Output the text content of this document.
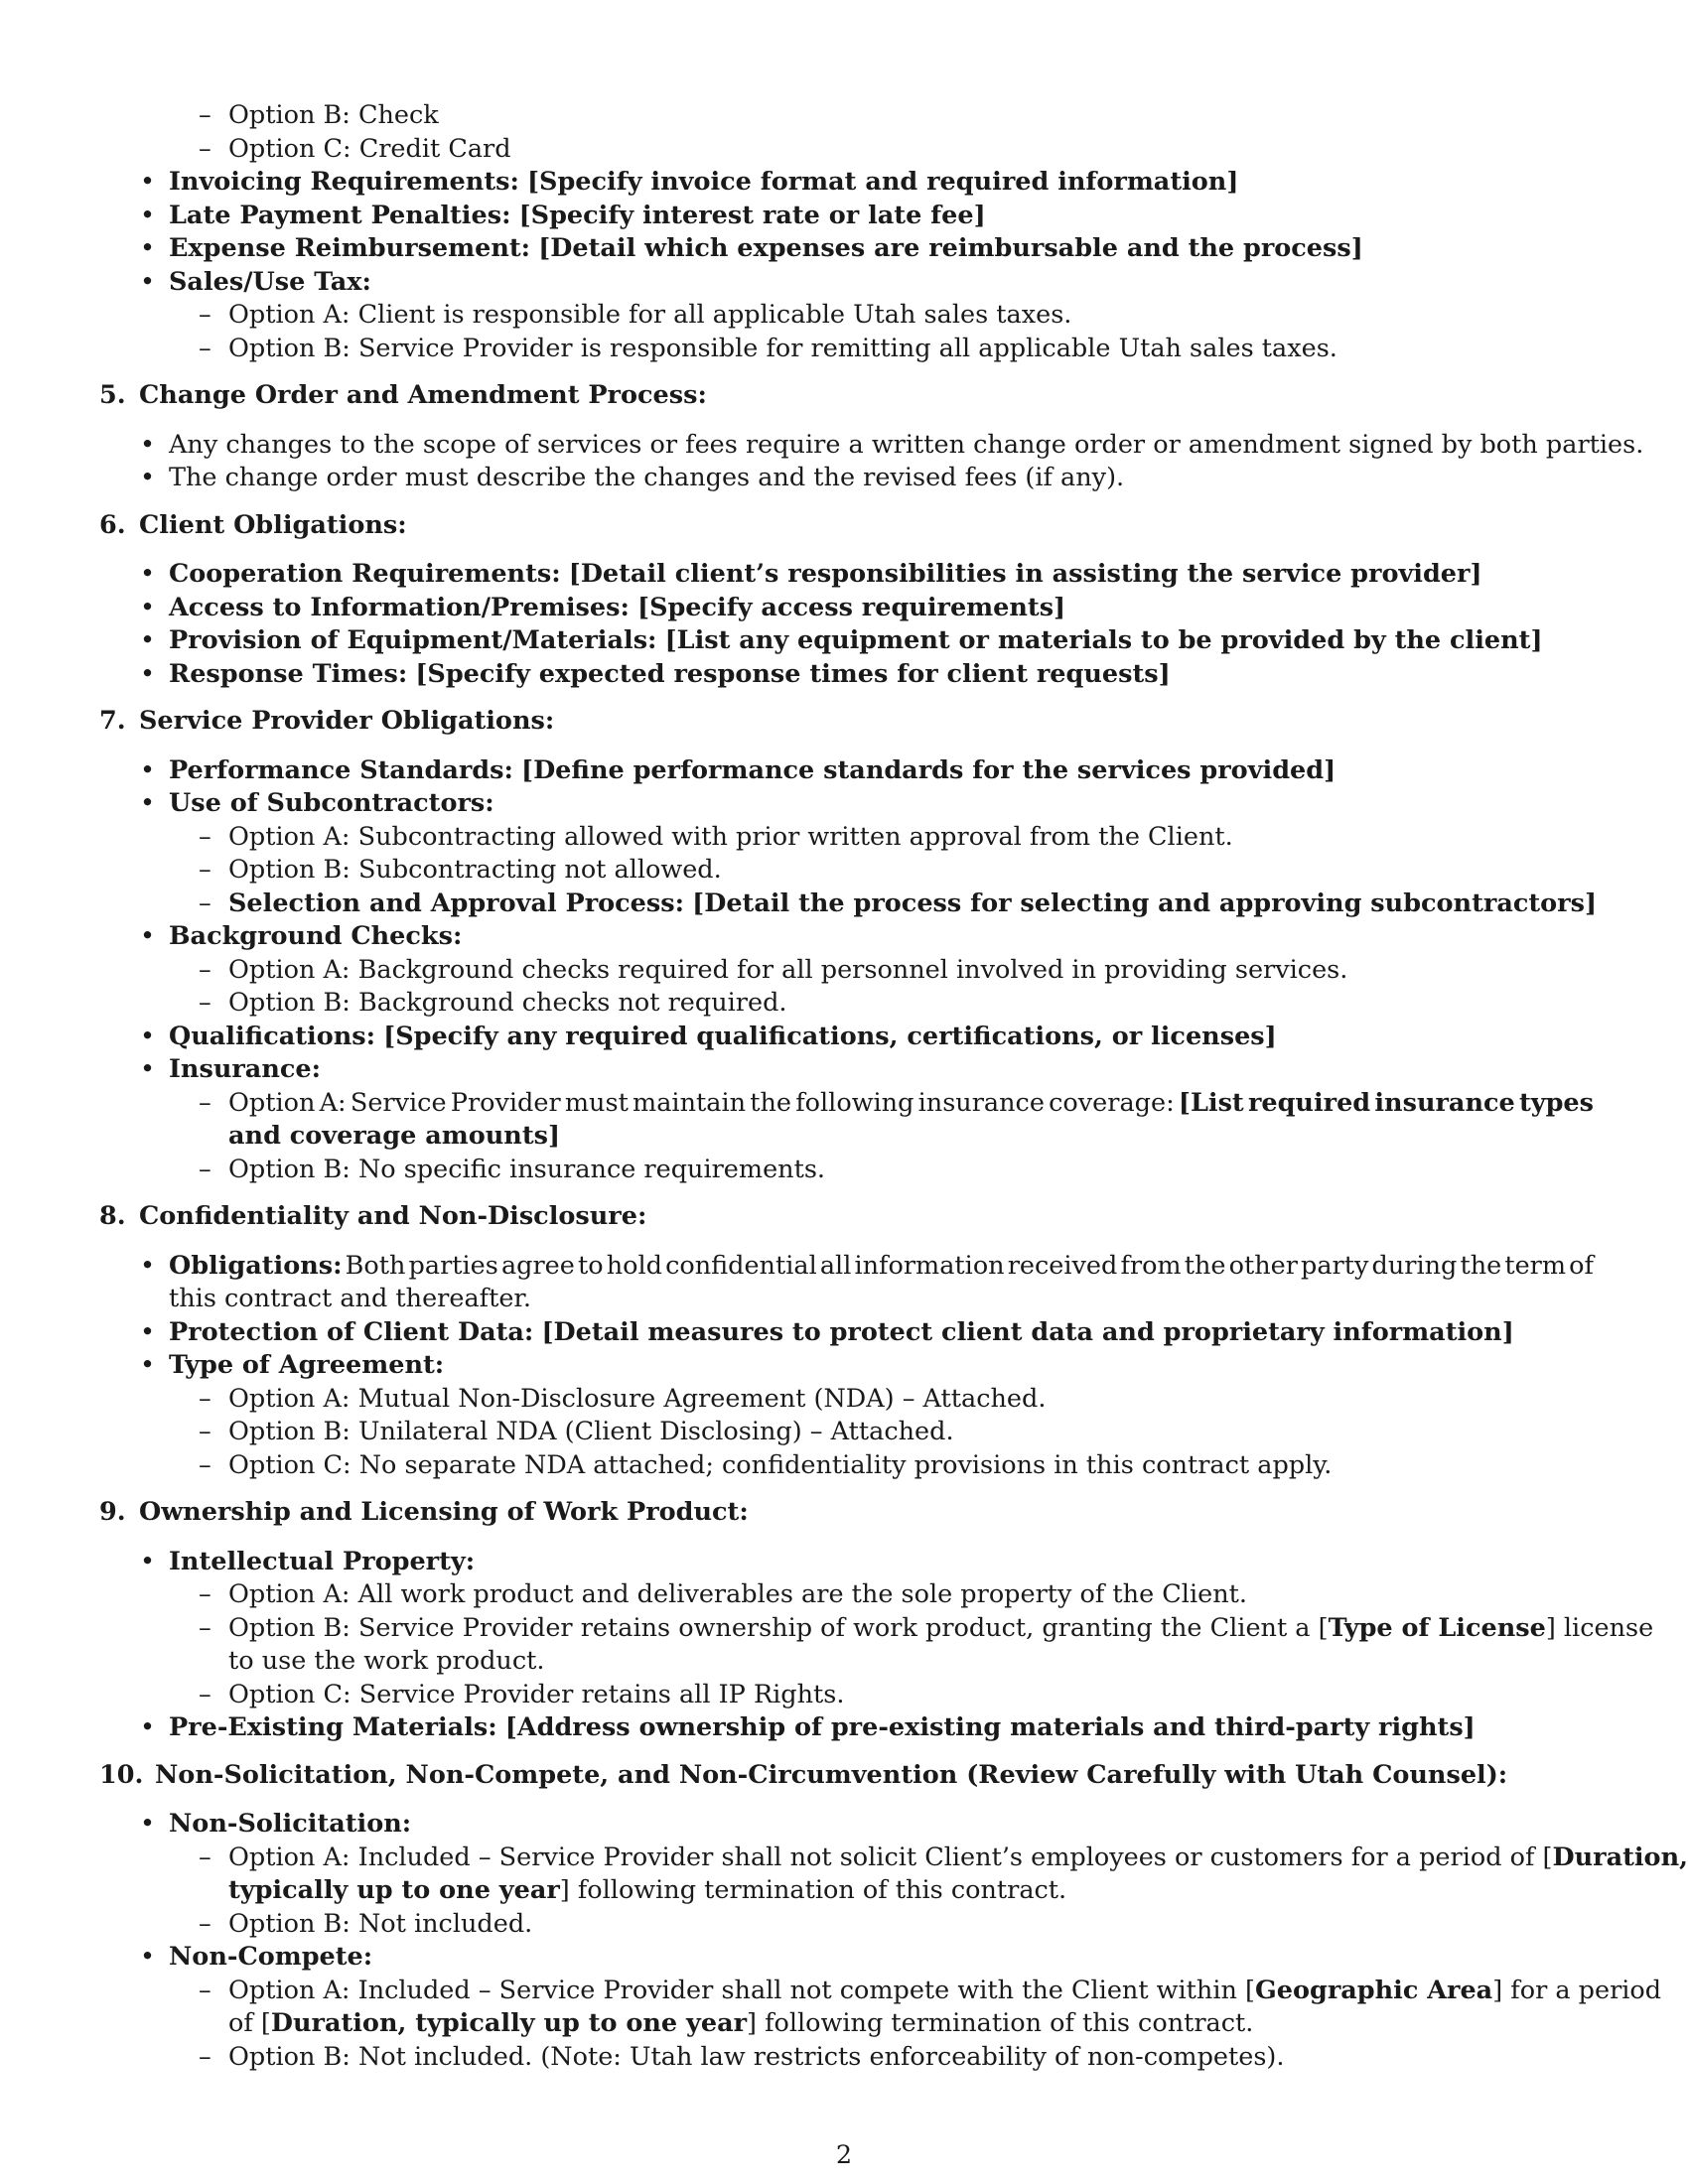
– Option B: Check
– Option C: Credit Card
• Invoicing Requirements: [Specify invoice format and required information]
• Late Payment Penalties: [Specify interest rate or late fee]
• Expense Reimbursement: [Detail which expenses are reimbursable and the process]
• Sales/Use Tax:
– Option A: Client is responsible for all applicable Utah sales taxes.
– Option B: Service Provider is responsible for remitting all applicable Utah sales taxes.
5. Change Order and Amendment Process:
• Any changes to the scope of services or fees require a written change order or amendment signed by both parties.
• The change order must describe the changes and the revised fees (if any).
6. Client Obligations:
• Cooperation Requirements: [Detail client’s responsibilities in assisting the service provider]
• Access to Information/Premises: [Specify access requirements]
• Provision of Equipment/Materials: [List any equipment or materials to be provided by the client]
• Response Times: [Specify expected response times for client requests]
7. Service Provider Obligations:
• Performance Standards: [Define performance standards for the services provided]
• Use of Subcontractors:
– Option A: Subcontracting allowed with prior written approval from the Client.
– Option B: Subcontracting not allowed.
– Selection and Approval Process: [Detail the process for selecting and approving subcontractors]
• Background Checks:
– Option A: Background checks required for all personnel involved in providing services.
– Option B: Background checks not required.
• Qualifications: [Specify any required qualifications, certifications, or licenses]
• Insurance:
– Option A: Service Provider must maintain the following insurance coverage: [List required insurance types
and coverage amounts]
– Option B: No specific insurance requirements.
8. Confidentiality and Non-Disclosure:
• Obligations: Both parties agree to hold confidential all information received from the other party during the term of
this contract and thereafter.
• Protection of Client Data: [Detail measures to protect client data and proprietary information]
• Type of Agreement:
– Option A: Mutual Non-Disclosure Agreement (NDA) – Attached.
– Option B: Unilateral NDA (Client Disclosing) – Attached.
– Option C: No separate NDA attached; confidentiality provisions in this contract apply.
9. Ownership and Licensing of Work Product:
• Intellectual Property:
– Option A: All work product and deliverables are the sole property of the Client.
– Option B: Service Provider retains ownership of work product, granting the Client a [Type of License] license
to use the work product.
– Option C: Service Provider retains all IP Rights.
• Pre-Existing Materials: [Address ownership of pre-existing materials and third-party rights]
10. Non-Solicitation, Non-Compete, and Non-Circumvention (Review Carefully with Utah Counsel):
• Non-Solicitation:
– Option A: Included – Service Provider shall not solicit Client’s employees or customers for a period of [Duration,
typically up to one year] following termination of this contract.
– Option B: Not included.
• Non-Compete:
– Option A: Included – Service Provider shall not compete with the Client within [Geographic Area] for a period
of [Duration, typically up to one year] following termination of this contract.
– Option B: Not included. (Note: Utah law restricts enforceability of non-competes).
2
